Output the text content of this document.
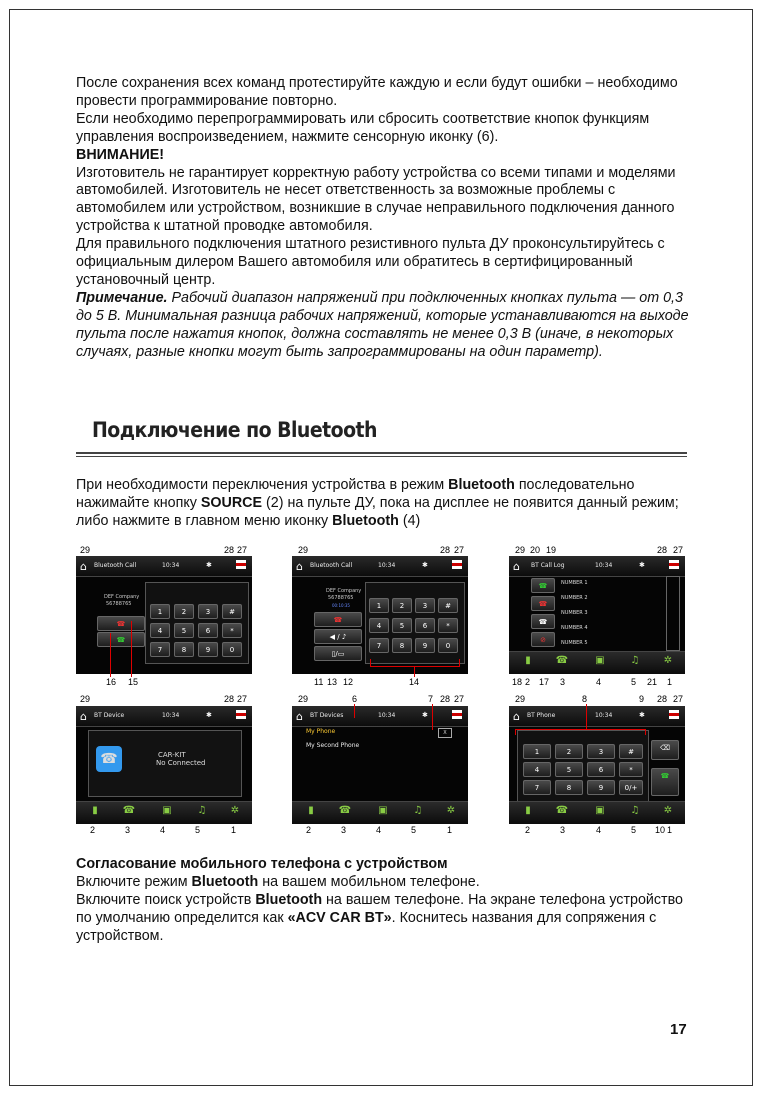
После сохранения всех команд протестируйте каждую и если будут ошибки – необходимо провести программирование повторно.

Если необходимо перепрограммировать или сбросить соответствие кнопок функциям управления воспроизведением, нажмите сенсорную иконку (6).

ВНИМАНИЕ!

Изготовитель не гарантирует корректную работу устройства со всеми типами и моделями автомобилей. Изготовитель не несет ответственность за возможные проблемы с автомобилем или устройством, возникшие в случае неправильного подключения данного устройства к штатной проводке автомобиля.

Для правильного подключения штатного резистивного пульта ДУ проконсультируйтесь с официальным дилером Вашего автомобиля или обратитесь в сертифицированный установочный центр.

Примечание. Рабочий диапазон напряжений при подключенных кнопках пульта — от 0,3 до 5 В. Минимальная разница рабочих напряжений, которые устанавливаются на выходе пульта после нажатия кнопок, должна составлять не менее 0,3 В (иначе, в некоторых случаях, разные кнопки могут быть запрограммированы на один параметр).

Подключение по Bluetooth

При необходимости переключения устройства в режим Bluetooth последовательно нажимайте кнопку SOURCE (2) на пульте ДУ, пока на дисплее не появится данный режим; либо нажмите в главном меню иконку Bluetooth (4)

⌂ Bluetooth Call	10:34	✱
DEF Company
56788765
☎
☎
1	2	3	#
4	5	6	*
7	8	9	0
29	28 27
16 15
⌂ Bluetooth Call	10:34	✱
DEF Company
56788765
00:10:35
☎
◀ / ♪
▯/▭
1	2	3	#
4	5	6	*
7	8	9	0
29	28 27
11 13 12	14
⌂ BT Call Log	10:34	✱
☎
☎
☎
⊘
NUMBER 1
NUMBER 2
NUMBER 3
NUMBER 4
NUMBER 5
▮	☎	▣	♫	✲
29 20 19	28 27
18 2 17 3	4	5 21 1
⌂ BT Device	10:34	✱
☎	CAR-KIT
No Connected
▮	☎	▣	♫	✲
29	28 27
2	3	4	5	1
⌂ BT Devices	10:34	✱
My Phone
My Second Phone
X
▮	☎	▣	♫	✲
29	6	7 28 27
2	3	4	5	1
⌂ BT Phone	10:34	✱
1	2	3	#
4	5	6	*
7	8	9	0/+
⌫
☎
▮	☎	▣	♫	✲
29	8	9 28 27
2	3	4	5 10 1

Согласование мобильного телефона с устройством

Включите режим Bluetooth на вашем мобильном телефоне.

Включите поиск устройств Bluetooth на вашем телефоне. На экране телефона устройство по умолчанию определится как «ACV CAR BT». Коснитесь названия для сопряжения с устройством.

17
